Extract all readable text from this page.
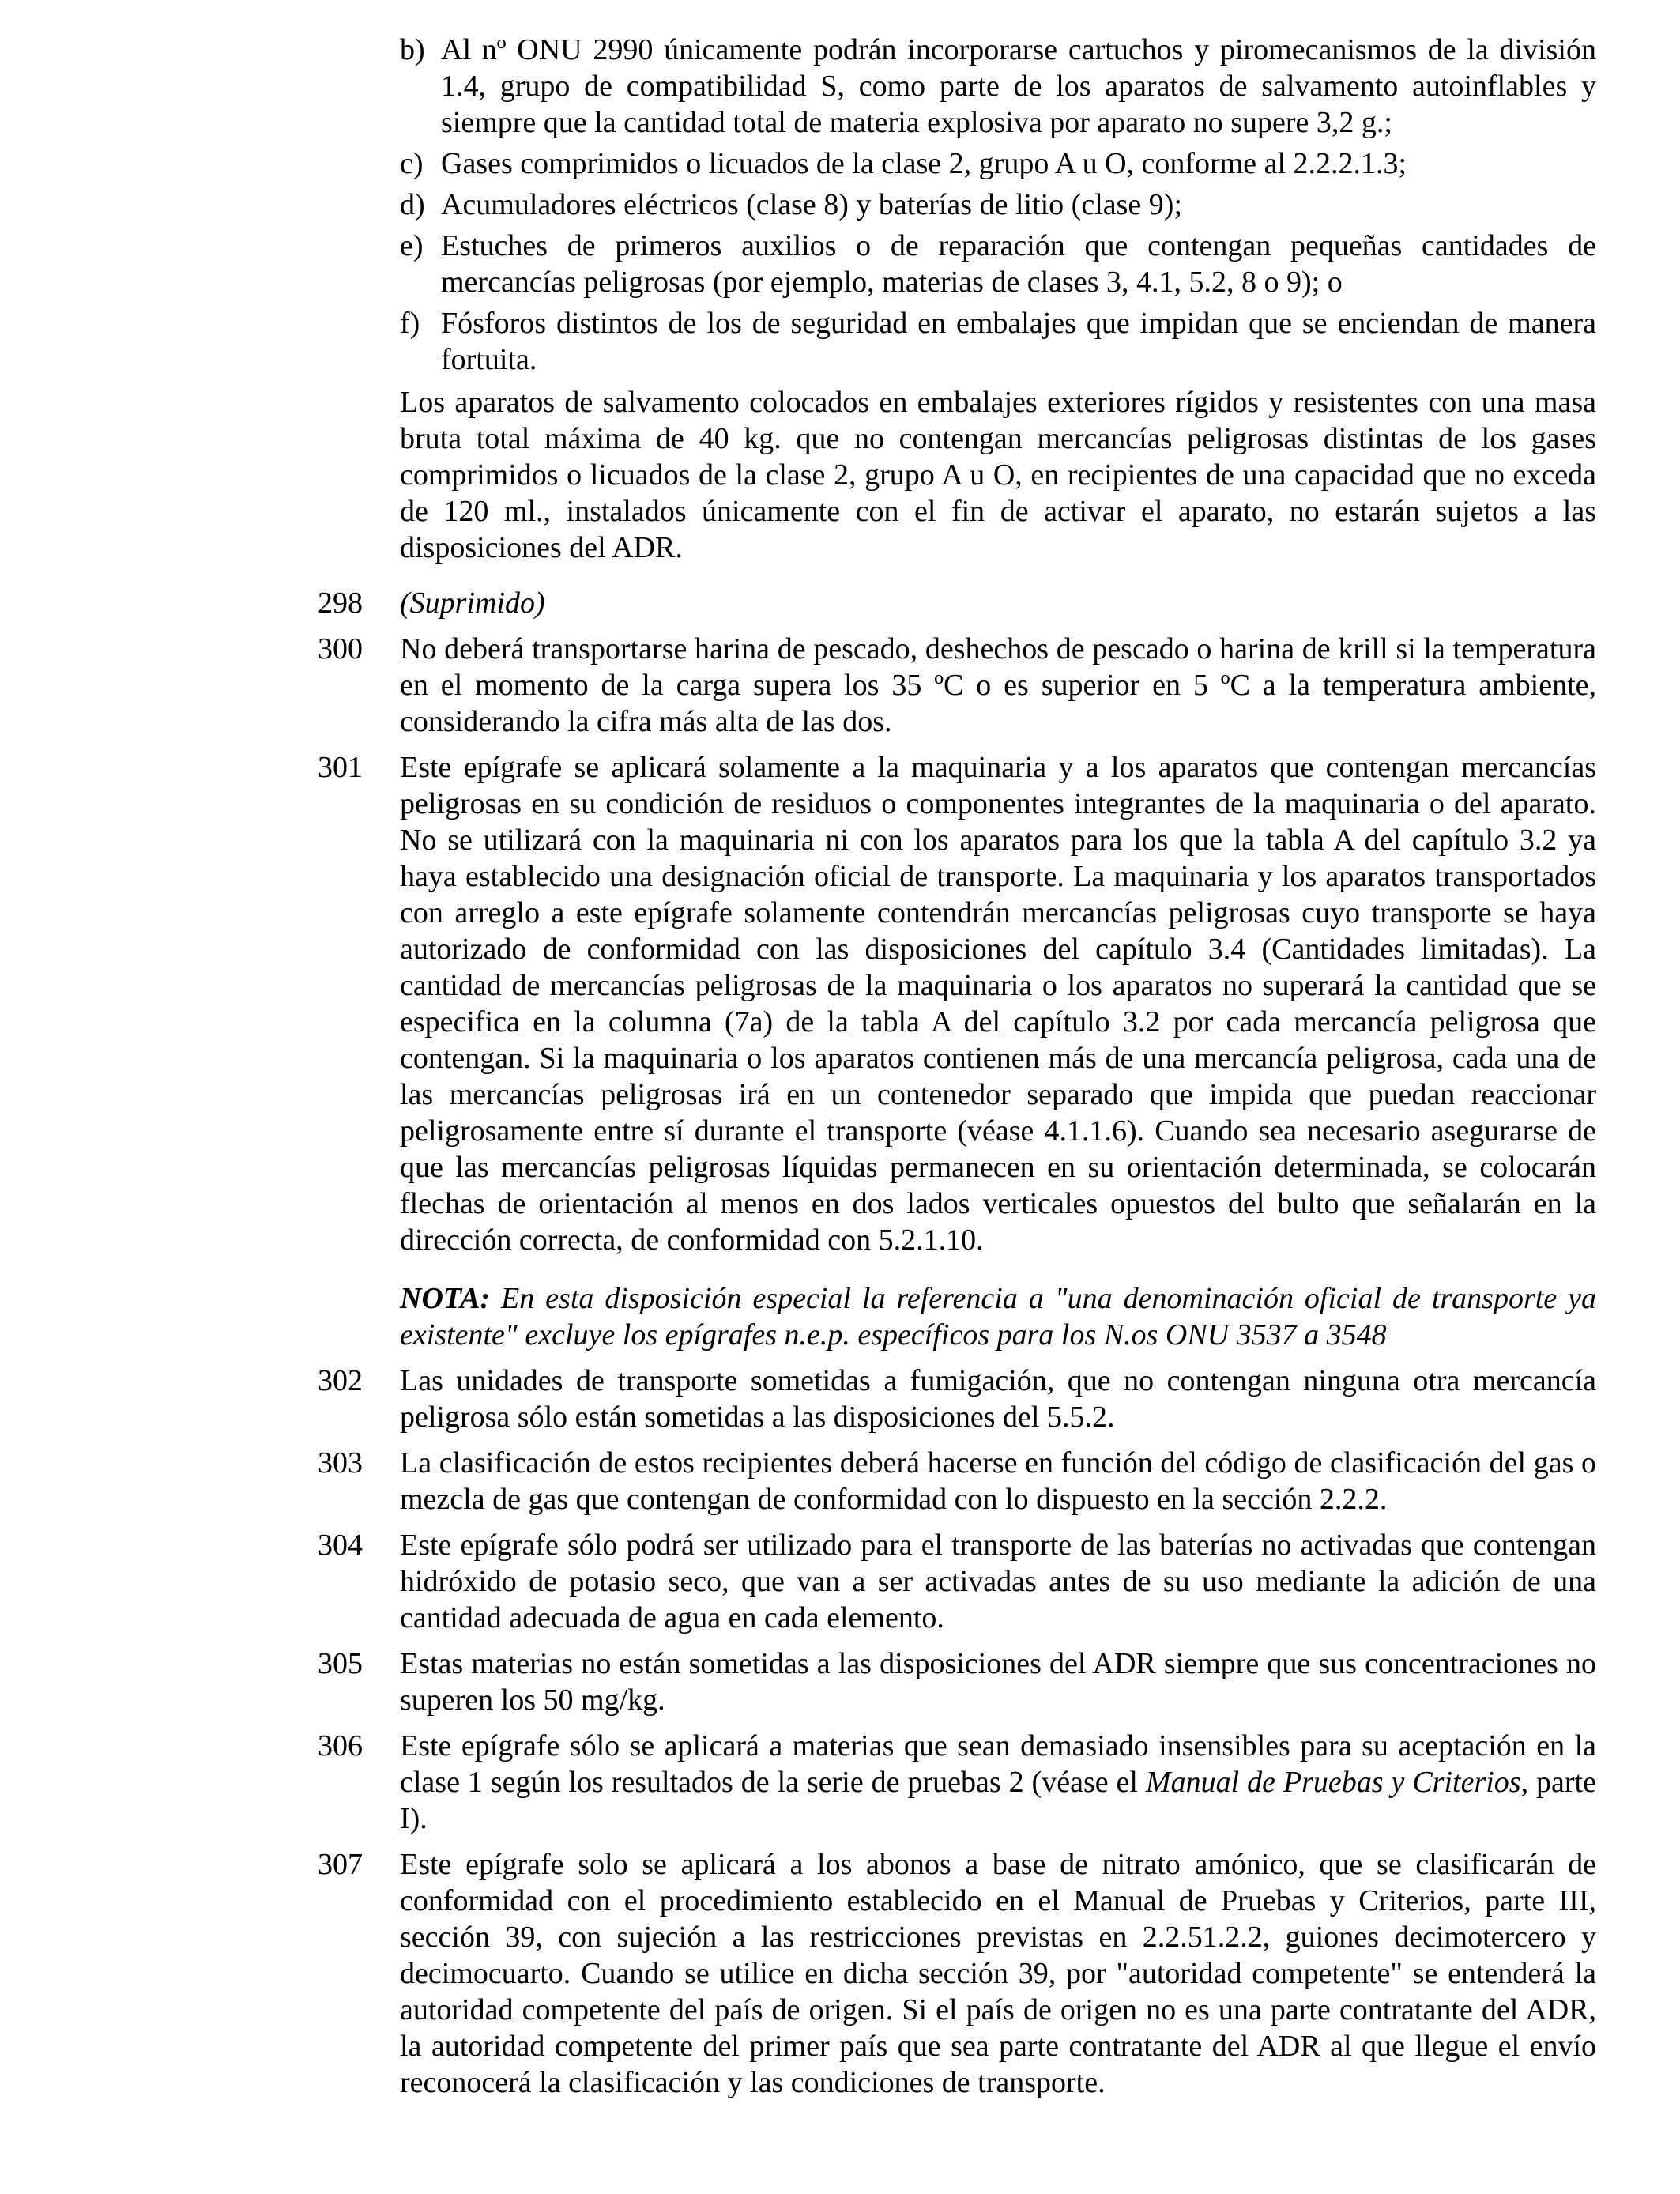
b) Al nº ONU 2990 únicamente podrán incorporarse cartuchos y piromecanismos de la división 1.4, grupo de compatibilidad S, como parte de los aparatos de salvamento autoinflables y siempre que la cantidad total de materia explosiva por aparato no supere 3,2 g.;
c) Gases comprimidos o licuados de la clase 2, grupo A u O, conforme al 2.2.2.1.3;
d) Acumuladores eléctricos (clase 8) y baterías de litio (clase 9);
e) Estuches de primeros auxilios o de reparación que contengan pequeñas cantidades de mercancías peligrosas (por ejemplo, materias de clases 3, 4.1, 5.2, 8 o 9); o
f) Fósforos distintos de los de seguridad en embalajes que impidan que se enciendan de manera fortuita.
Los aparatos de salvamento colocados en embalajes exteriores rígidos y resistentes con una masa bruta total máxima de 40 kg. que no contengan mercancías peligrosas distintas de los gases comprimidos o licuados de la clase 2, grupo A u O, en recipientes de una capacidad que no exceda de 120 ml., instalados únicamente con el fin de activar el aparato, no estarán sujetos a las disposiciones del ADR.
298 (Suprimido)
300 No deberá transportarse harina de pescado, deshechos de pescado o harina de krill si la temperatura en el momento de la carga supera los 35 ºC o es superior en 5 ºC a la temperatura ambiente, considerando la cifra más alta de las dos.
301 Este epígrafe se aplicará solamente a la maquinaria y a los aparatos que contengan mercancías peligrosas en su condición de residuos o componentes integrantes de la maquinaria o del aparato. No se utilizará con la maquinaria ni con los aparatos para los que la tabla A del capítulo 3.2 ya haya establecido una designación oficial de transporte. La maquinaria y los aparatos transportados con arreglo a este epígrafe solamente contendrán mercancías peligrosas cuyo transporte se haya autorizado de conformidad con las disposiciones del capítulo 3.4 (Cantidades limitadas). La cantidad de mercancías peligrosas de la maquinaria o los aparatos no superará la cantidad que se especifica en la columna (7a) de la tabla A del capítulo 3.2 por cada mercancía peligrosa que contengan. Si la maquinaria o los aparatos contienen más de una mercancía peligrosa, cada una de las mercancías peligrosas irá en un contenedor separado que impida que puedan reaccionar peligrosamente entre sí durante el transporte (véase 4.1.1.6). Cuando sea necesario asegurarse de que las mercancías peligrosas líquidas permanecen en su orientación determinada, se colocarán flechas de orientación al menos en dos lados verticales opuestos del bulto que señalarán en la dirección correcta, de conformidad con 5.2.1.10.
NOTA: En esta disposición especial la referencia a "una denominación oficial de transporte ya existente" excluye los epígrafes n.e.p. específicos para los N.os ONU 3537 a 3548
302 Las unidades de transporte sometidas a fumigación, que no contengan ninguna otra mercancía peligrosa sólo están sometidas a las disposiciones del 5.5.2.
303 La clasificación de estos recipientes deberá hacerse en función del código de clasificación del gas o mezcla de gas que contengan de conformidad con lo dispuesto en la sección 2.2.2.
304 Este epígrafe sólo podrá ser utilizado para el transporte de las baterías no activadas que contengan hidróxido de potasio seco, que van a ser activadas antes de su uso mediante la adición de una cantidad adecuada de agua en cada elemento.
305 Estas materias no están sometidas a las disposiciones del ADR siempre que sus concentraciones no superen los 50 mg/kg.
306 Este epígrafe sólo se aplicará a materias que sean demasiado insensibles para su aceptación en la clase 1 según los resultados de la serie de pruebas 2 (véase el Manual de Pruebas y Criterios, parte I).
307 Este epígrafe solo se aplicará a los abonos a base de nitrato amónico, que se clasificarán de conformidad con el procedimiento establecido en el Manual de Pruebas y Criterios, parte III, sección 39, con sujeción a las restricciones previstas en 2.2.51.2.2, guiones decimotercero y decimocuarto. Cuando se utilice en dicha sección 39, por "autoridad competente" se entenderá la autoridad competente del país de origen. Si el país de origen no es una parte contratante del ADR, la autoridad competente del primer país que sea parte contratante del ADR al que llegue el envío reconocerá la clasificación y las condiciones de transporte.
